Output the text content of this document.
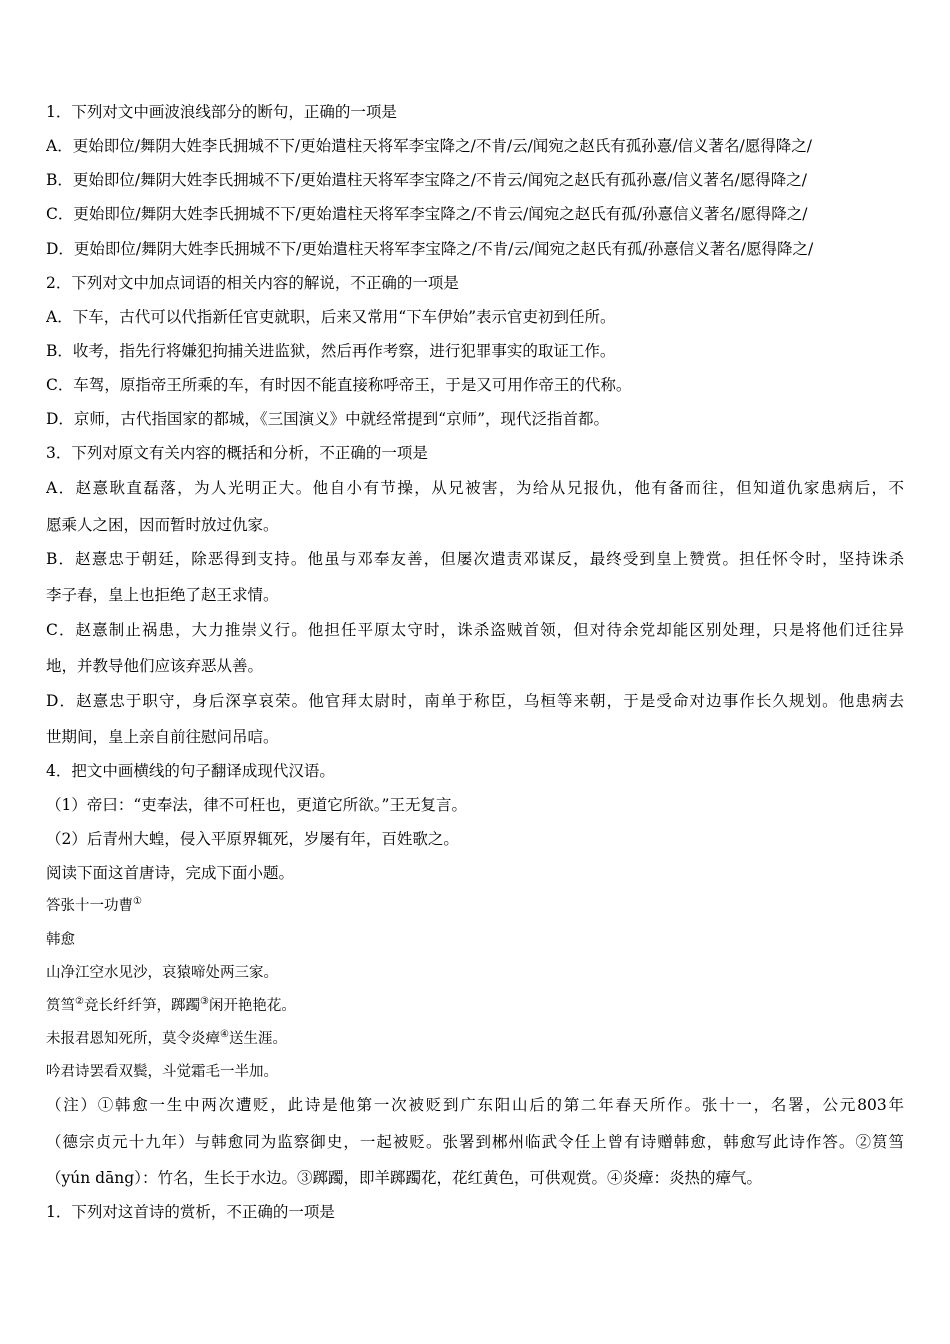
1．下列对文中画波浪线部分的断句，正确的一项是
A．更始即位/舞阴大姓李氏拥城不下/更始遣柱天将军李宝降之/不肯/云/闻宛之赵氏有孤孙憙/信义著名/愿得降之/
B．更始即位/舞阴大姓李氏拥城不下/更始遣柱天将军李宝降之/不肯云/闻宛之赵氏有孤孙憙/信义著名/愿得降之/
C．更始即位/舞阴大姓李氏拥城不下/更始遣柱天将军李宝降之/不肯云/闻宛之赵氏有孤/孙憙信义著名/愿得降之/
D．更始即位/舞阴大姓李氏拥城不下/更始遣柱天将军李宝降之/不肯/云/闻宛之赵氏有孤/孙憙信义著名/愿得降之/
2．下列对文中加点词语的相关内容的解说，不正确的一项是
A．下车，古代可以代指新任官吏就职，后来又常用“下车伊始”表示官吏初到任所。
B．收考，指先行将嫌犯拘捕关进监狱，然后再作考察，进行犯罪事实的取证工作。
C．车驾，原指帝王所乘的车，有时因不能直接称呼帝王，于是又可用作帝王的代称。
D．京师，古代指国家的都城，《三国演义》中就经常提到“京师”，现代泛指首都。
3．下列对原文有关内容的概括和分析，不正确的一项是
A．赵憙耿直磊落，为人光明正大。他自小有节操，从兄被害，为给从兄报仇，他有备而往，但知道仇家患病后，不
愿乘人之困，因而暂时放过仇家。
B．赵憙忠于朝廷，除恶得到支持。他虽与邓奉友善，但屡次遣责邓谋反，最终受到皇上赞赏。担任怀令时，坚持诛杀
李子春，皇上也拒绝了赵王求情。
C．赵憙制止祸患，大力推崇义行。他担任平原太守时，诛杀盗贼首领，但对待余党却能区别处理，只是将他们迁往异
地，并教导他们应该弃恶从善。
D．赵憙忠于职守，身后深享哀荣。他官拜太尉时，南单于称臣，乌桓等来朝，于是受命对边事作长久规划。他患病去
世期间，皇上亲自前往慰问吊唁。
4．把文中画横线的句子翻译成现代汉语。
（1）帝曰：“吏奉法，律不可枉也，更道它所欲。”王无复言。
（2）后青州大蝗，侵入平原界辄死，岁屡有年，百姓歌之。
阅读下面这首唐诗，完成下面小题。
答张十一功曹①
韩愈
山净江空水见沙，哀猿啼处两三家。
筼筜②竞长纤纤笋，踯躅③闲开艳艳花。
未报君恩知死所，莫令炎瘴④送生涯。
吟君诗罢看双鬓，斗觉霜毛一半加。
（注）①韩愈一生中两次遭贬，此诗是他第一次被贬到广东阳山后的第二年春天所作。张十一，名署，公元803年
（德宗贞元十九年）与韩愈同为监察御史，一起被贬。张署到郴州临武令任上曾有诗赠韩愈，韩愈写此诗作答。②筼筜
（yún dāng）：竹名，生长于水边。③踯躅，即羊踯躅花，花红黄色，可供观赏。④炎瘴：炎热的瘴气。
1．下列对这首诗的赏析，不正确的一项是
